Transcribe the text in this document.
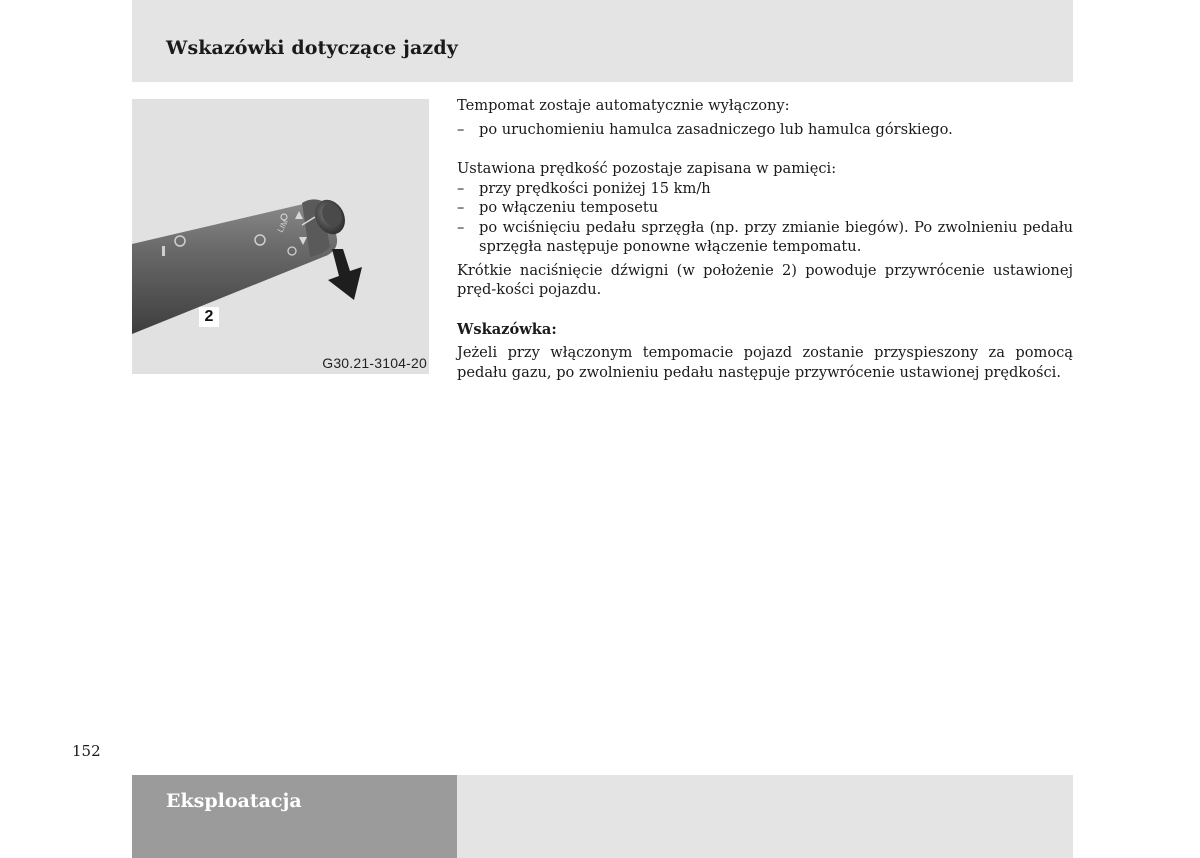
Wskazówki dotyczące jazdy
LIM
2
G30.21-3104-20

Tempomat zostaje automatycznie wyłączony:

– po uruchomieniu hamulca zasadniczego lub hamulca górskiego.

Ustawiona prędkość pozostaje zapisana w pamięci:

– przy prędkości poniżej 15 km/h
– po włączeniu temposetu
– po wciśnięciu pedału sprzęgła (np. przy zmianie biegów). Po zwolnieniu pedału sprzęgła następuje ponowne włączenie tempomatu.

Krótkie naciśnięcie dźwigni (w położenie 2) powoduje przywrócenie ustawionej pręd-kości pojazdu.

Wskazówka:

Jeżeli przy włączonym tempomacie pojazd zostanie przyspieszony za pomocą pedału gazu, po zwolnieniu pedału następuje przywrócenie ustawionej prędkości.

152
Eksploatacja
